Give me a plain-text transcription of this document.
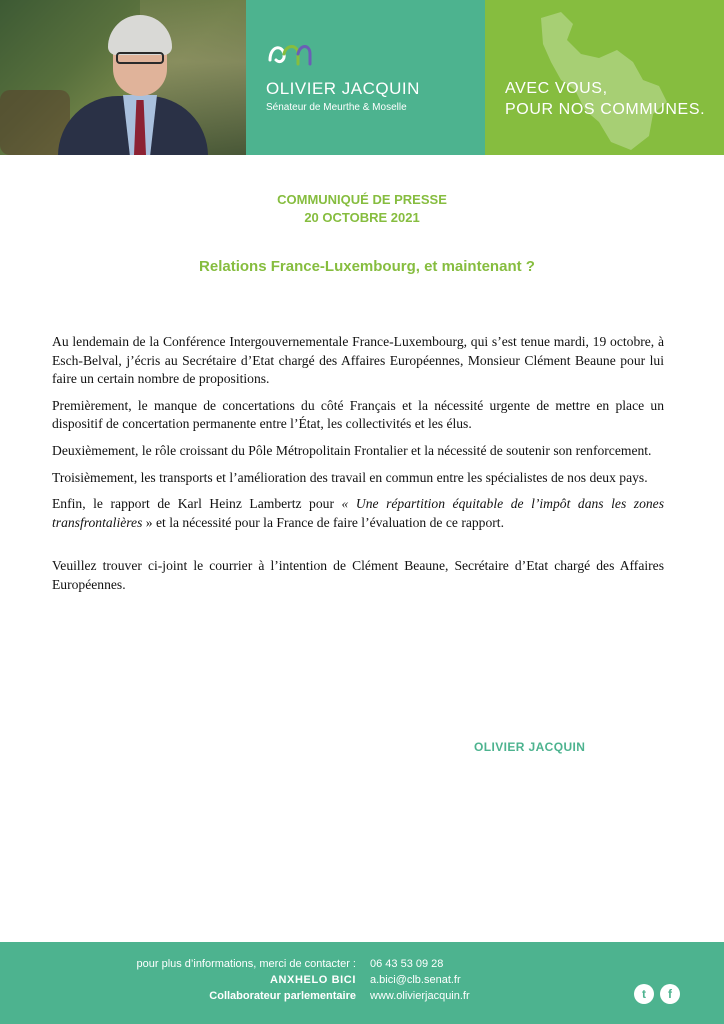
OLIVIER JACQUIN
Sénateur de Meurthe & Moselle
AVEC VOUS,
POUR NOS COMMUNES.
COMMUNIQUÉ DE PRESSE
20 OCTOBRE 2021
Relations France-Luxembourg, et maintenant ?

Au lendemain de la Conférence Intergouvernementale France-Luxembourg, qui s’est tenue mardi, 19 octobre, à Esch-Belval, j’écris au Secrétaire d’Etat chargé des Affaires Européennes, Monsieur Clément Beaune pour lui faire un certain nombre de propositions.

Premièrement, le manque de concertations du côté Français et la nécessité urgente de mettre en place un dispositif de concertation permanente entre l’État, les collectivités et les élus.

Deuxièmement, le rôle croissant du Pôle Métropolitain Frontalier et la nécessité de soutenir son renforcement.

Troisièmement, les transports et l’amélioration des travail en commun entre les spécialistes de nos deux pays.

Enfin, le rapport de Karl Heinz Lambertz pour « Une répartition équitable de l’impôt dans les zones transfrontalières » et la nécessité pour la France de faire l’évaluation de ce rapport.

Veuillez trouver ci-joint le courrier à l’intention de Clément Beaune, Secrétaire d’Etat chargé des Affaires Européennes.

OLIVIER JACQUIN
pour plus d’informations, merci de contacter :
ANXHELO BICI
Collaborateur parlementaire
06 43 53 09 28
a.bici@clb.senat.fr
www.olivierjacquin.fr	t	f
